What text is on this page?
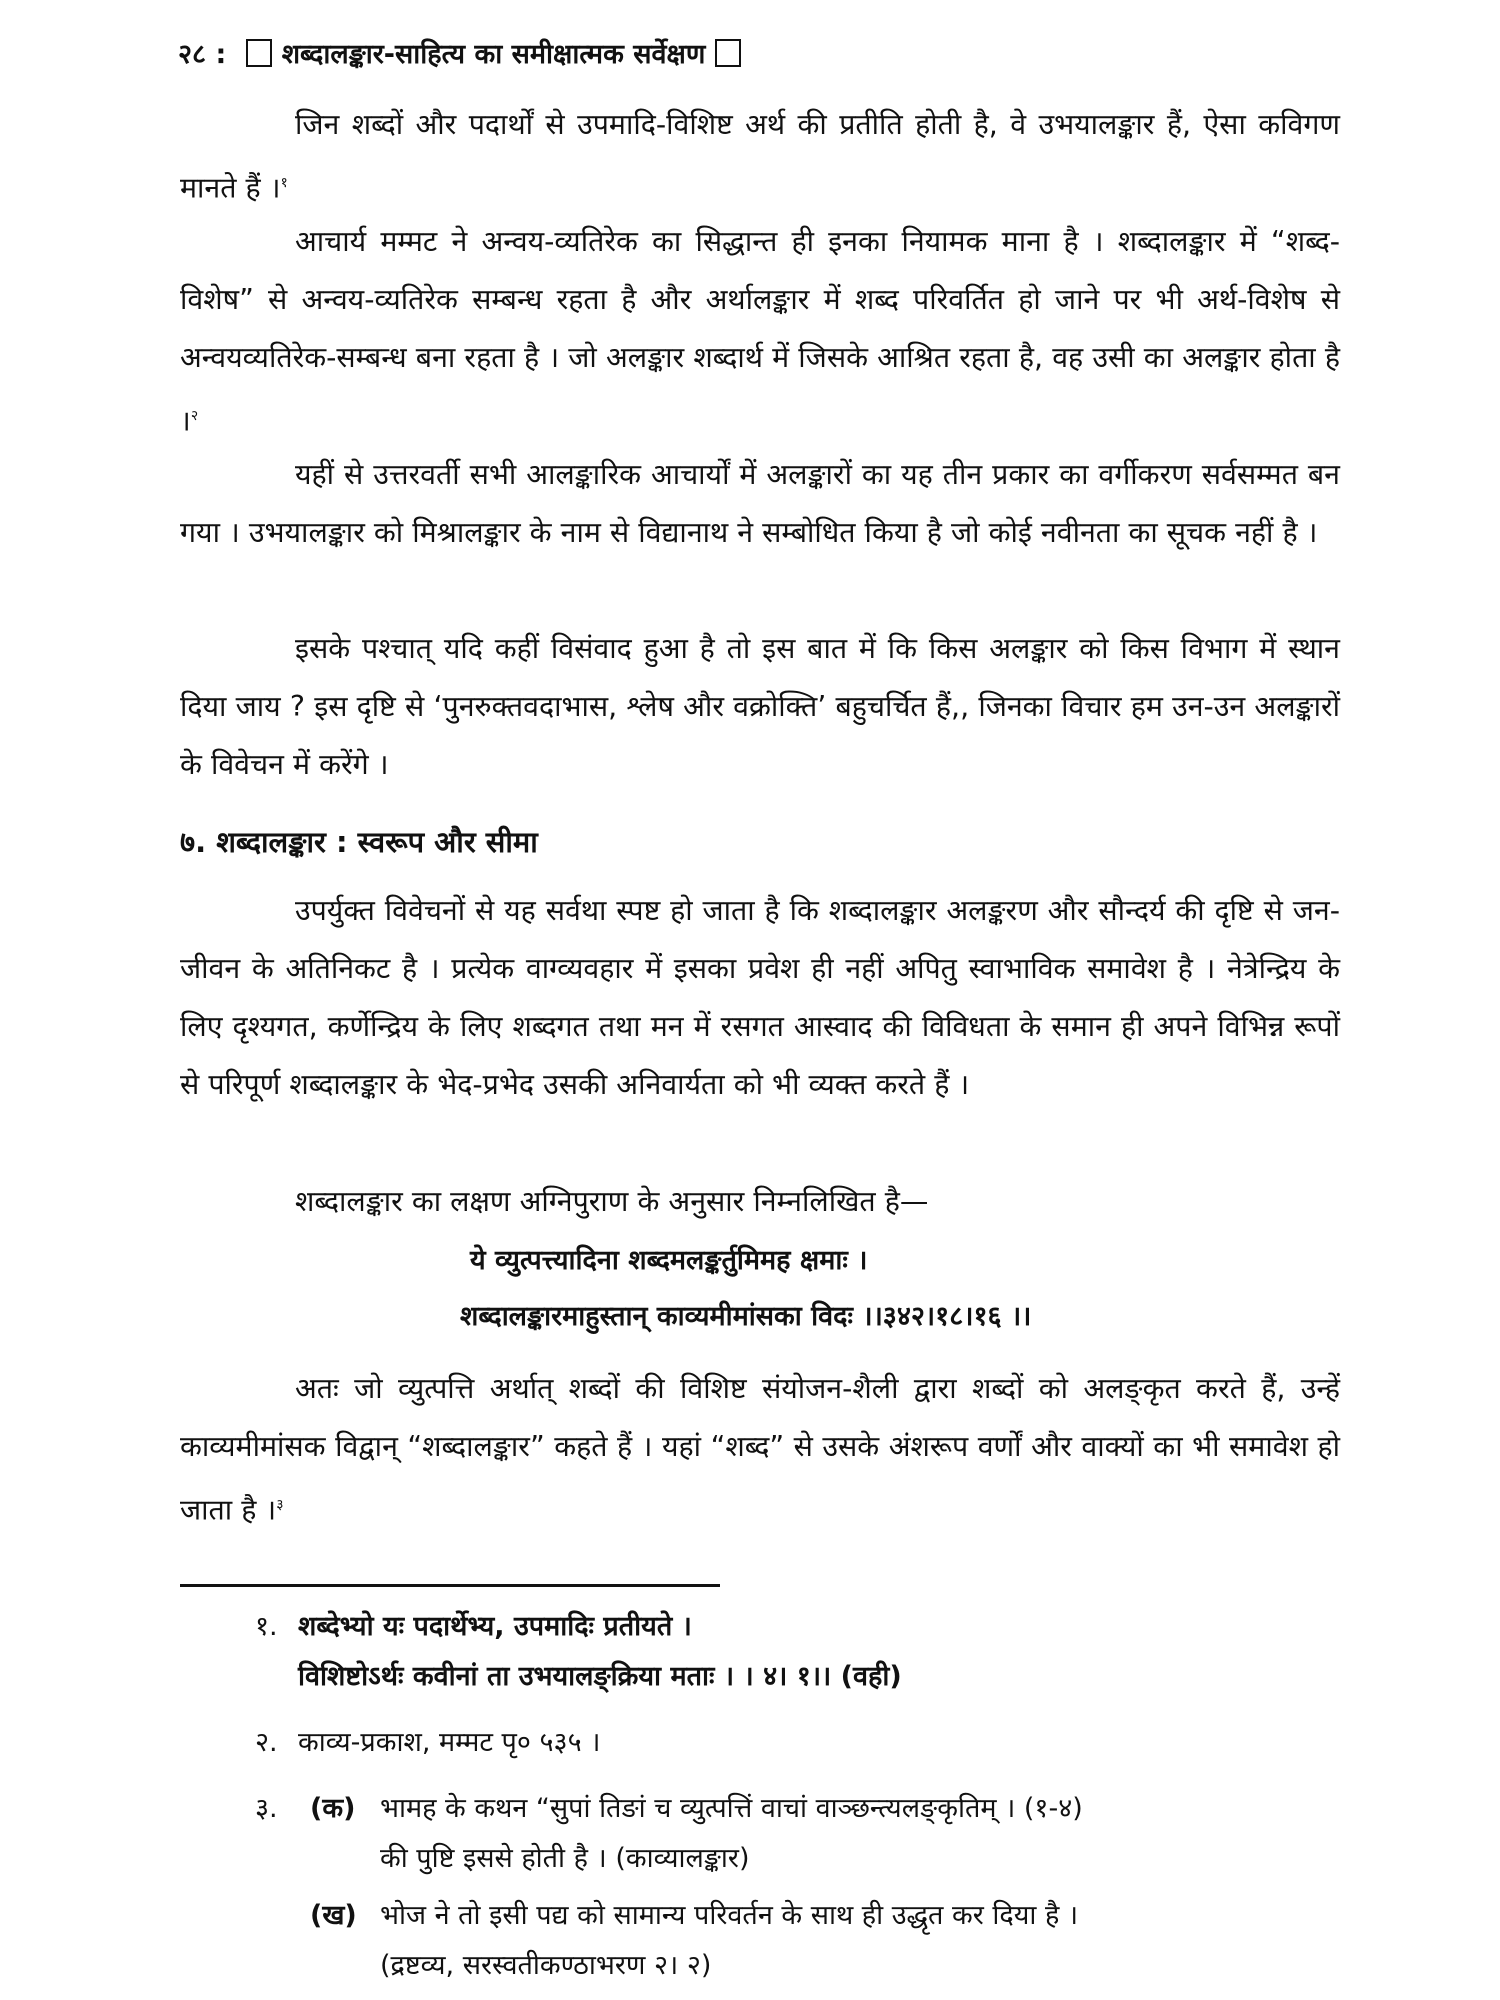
२८ : शब्दालङ्कार-साहित्य का समीक्षात्मक सर्वेक्षण

जिन शब्दों और पदार्थों से उपमादि-विशिष्ट अर्थ की प्रतीति होती है, वे उभयालङ्कार हैं, ऐसा कविगण मानते हैं ।$^१$

आचार्य मम्मट ने अन्वय-व्यतिरेक का सिद्धान्त ही इनका नियामक माना है । शब्दालङ्कार में “शब्द-विशेष” से अन्वय-व्यतिरेक सम्बन्ध रहता है और अर्थालङ्कार में शब्द परिवर्तित हो जाने पर भी अर्थ-विशेष से अन्वयव्यतिरेक-सम्बन्ध बना रहता है । जो अलङ्कार शब्दार्थ में जिसके आश्रित रहता है, वह उसी का अलङ्कार होता है ।$^२$

यहीं से उत्तरवर्ती सभी आलङ्कारिक आचार्यों में अलङ्कारों का यह तीन प्रकार का वर्गीकरण सर्वसम्मत बन गया । उभयालङ्कार को मिश्रालङ्कार के नाम से विद्यानाथ ने सम्बोधित किया है जो कोई नवीनता का सूचक नहीं है ।

इसके पश्चात् यदि कहीं विसंवाद हुआ है तो इस बात में कि किस अलङ्कार को किस विभाग में स्थान दिया जाय ? इस दृष्टि से ‘पुनरुक्तवदाभास, श्लेष और वक्रोक्ति’ बहुचर्चित हैं,, जिनका विचार हम उन-उन अलङ्कारों के विवेचन में करेंगे ।

७. शब्दालङ्कार : स्वरूप और सीमा

उपर्युक्त विवेचनों से यह सर्वथा स्पष्ट हो जाता है कि शब्दालङ्कार अलङ्करण और सौन्दर्य की दृष्टि से जन-जीवन के अतिनिकट है । प्रत्येक वाग्व्यवहार में इसका प्रवेश ही नहीं अपितु स्वाभाविक समावेश है । नेत्रेन्द्रिय के लिए दृश्यगत, कर्णेन्द्रिय के लिए शब्दगत तथा मन में रसगत आस्वाद की विविधता के समान ही अपने विभिन्न रूपों से परिपूर्ण शब्दालङ्कार के भेद-प्रभेद उसकी अनिवार्यता को भी व्यक्त करते हैं ।

शब्दालङ्कार का लक्षण अग्निपुराण के अनुसार निम्नलिखित है—

ये व्युत्पत्त्यादिना शब्दमलङ्कर्तुमिमह क्षमाः ।
शब्दालङ्कारमाहुस्तान् काव्यमीमांसका विदः ।।३४२।१८।१६ ।।

अतः जो व्युत्पत्ति अर्थात् शब्दों की विशिष्ट संयोजन-शैली द्वारा शब्दों को अलङ्कृत करते हैं, उन्हें काव्यमीमांसक विद्वान् “शब्दालङ्कार” कहते हैं । यहां “शब्द” से उसके अंशरूप वर्णों और वाक्यों का भी समावेश हो जाता है ।$^३$

१. शब्देभ्यो यः पदार्थेभ्य, उपमादिः प्रतीयते ।
विशिष्टोऽर्थः कवीनां ता उभयालङ्क्रिया मताः । । ४। १।। (वही)
२. काव्य-प्रकाश, मम्मट पृ० ५३५ ।
३. (क) भामह के कथन “सुपां तिङां च व्युत्पत्तिं वाचां वाञ्छन्त्यलङ्कृतिम् । (१-४)
की पुष्टि इससे होती है । (काव्यालङ्कार)
(ख) भोज ने तो इसी पद्य को सामान्य परिवर्तन के साथ ही उद्धृत कर दिया है ।
(द्रष्टव्य, सरस्वतीकण्ठाभरण २। २)
